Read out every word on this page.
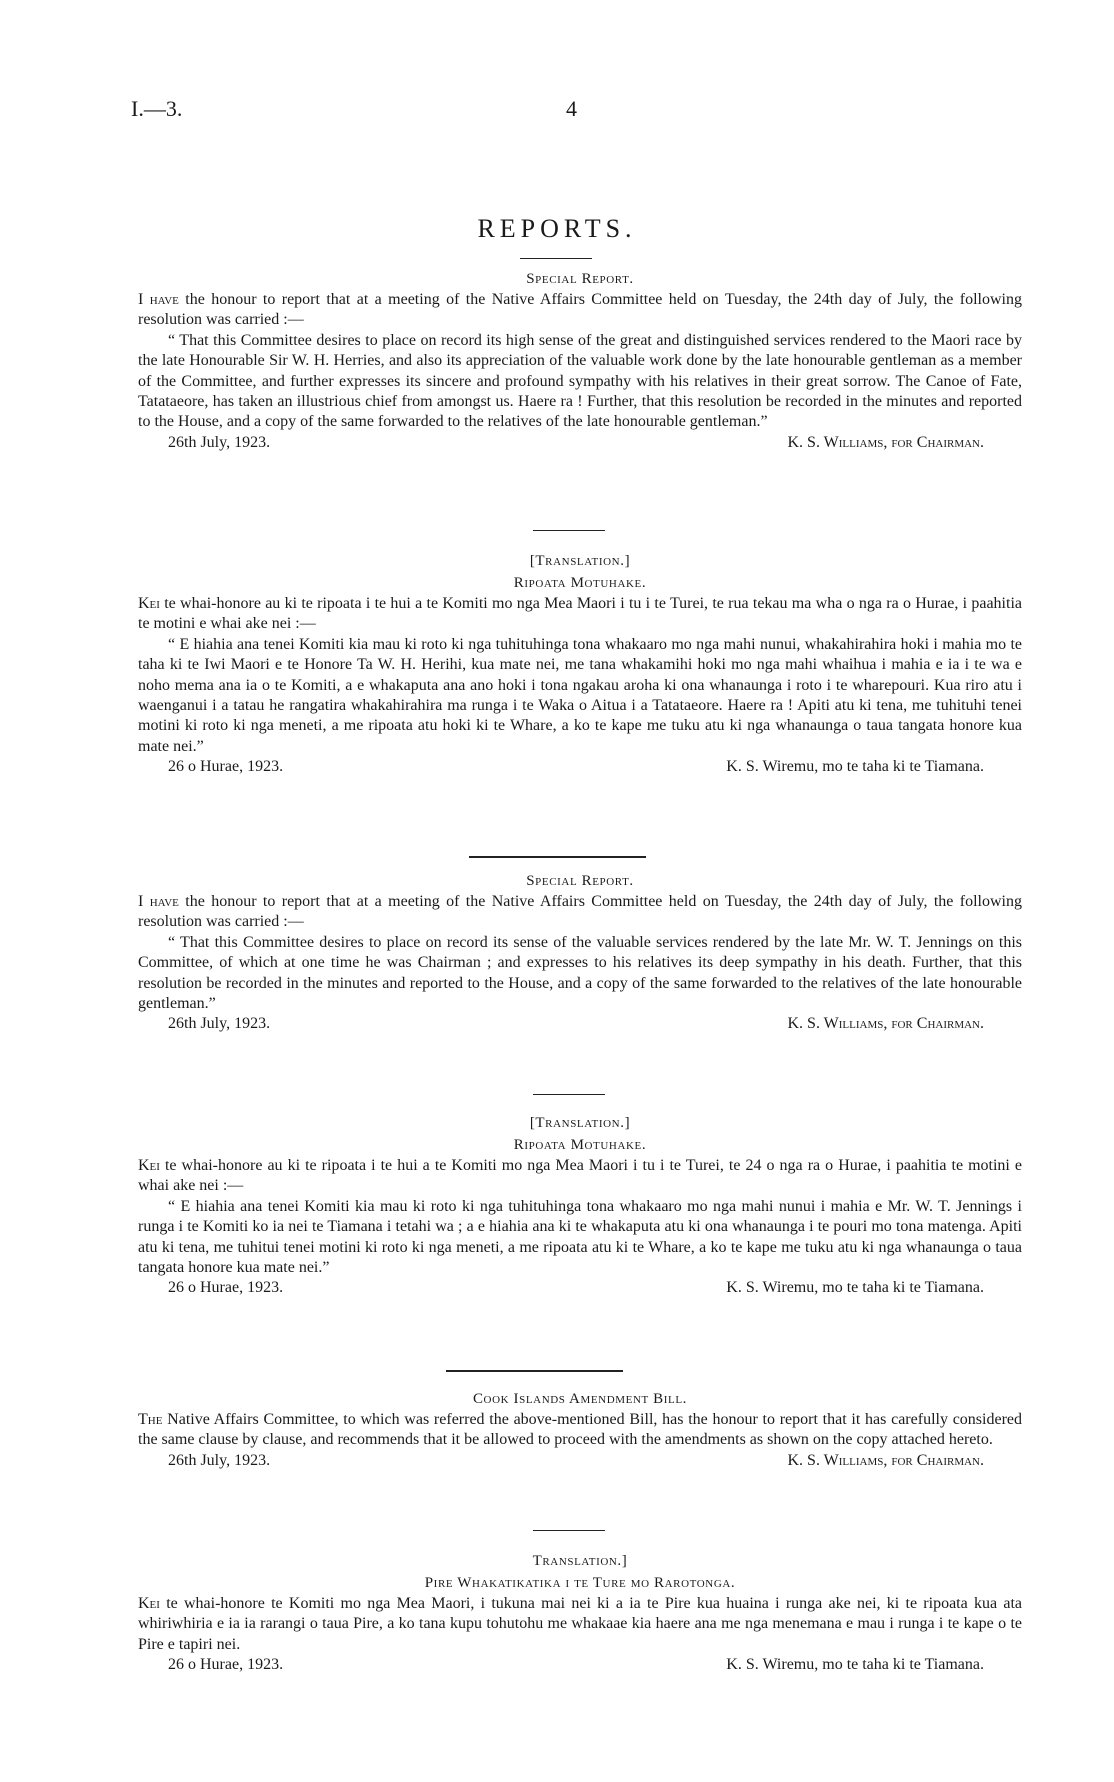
I.—3.	4
REPORTS.

Special Report.

I have the honour to report that at a meeting of the Native Affairs Committee held on Tuesday, the 24th day of July, the following resolution was carried :—

“ That this Committee desires to place on record its high sense of the great and distinguished services rendered to the Maori race by the late Honourable Sir W. H. Herries, and also its appreciation of the valuable work done by the late honourable gentleman as a member of the Committee, and further expresses its sincere and profound sympathy with his relatives in their great sorrow. The Canoe of Fate, Tatataeore, has taken an illustrious chief from amongst us. Haere ra ! Further, that this resolution be recorded in the minutes and reported to the House, and a copy of the same forwarded to the relatives of the late honourable gentleman.”

26th July, 1923.	K. S. Williams, for Chairman.

[Translation.]

Ripoata Motuhake.

Kei te whai-honore au ki te ripoata i te hui a te Komiti mo nga Mea Maori i tu i te Turei, te rua tekau ma wha o nga ra o Hurae, i paahitia te motini e whai ake nei :—

“ E hiahia ana tenei Komiti kia mau ki roto ki nga tuhituhinga tona whakaaro mo nga mahi nunui, whakahirahira hoki i mahia mo te taha ki te Iwi Maori e te Honore Ta W. H. Herihi, kua mate nei, me tana whakamihi hoki mo nga mahi whaihua i mahia e ia i te wa e noho mema ana ia o te Komiti, a e whakaputa ana ano hoki i tona ngakau aroha ki ona whanaunga i roto i te wharepouri. Kua riro atu i waenganui i a tatau he rangatira whakahirahira ma runga i te Waka o Aitua i a Tatataeore. Haere ra ! Apiti atu ki tena, me tuhituhi tenei motini ki roto ki nga meneti, a me ripoata atu hoki ki te Whare, a ko te kape me tuku atu ki nga whanaunga o taua tangata honore kua mate nei.”

26 o Hurae, 1923.	K. S. Wiremu, mo te taha ki te Tiamana.

Special Report.

I have the honour to report that at a meeting of the Native Affairs Committee held on Tuesday, the 24th day of July, the following resolution was carried :—

“ That this Committee desires to place on record its sense of the valuable services rendered by the late Mr. W. T. Jennings on this Committee, of which at one time he was Chairman ; and expresses to his relatives its deep sympathy in his death. Further, that this resolution be recorded in the minutes and reported to the House, and a copy of the same forwarded to the relatives of the late honourable gentleman.”

26th July, 1923.	K. S. Williams, for Chairman.

[Translation.]

Ripoata Motuhake.

Kei te whai-honore au ki te ripoata i te hui a te Komiti mo nga Mea Maori i tu i te Turei, te 24 o nga ra o Hurae, i paahitia te motini e whai ake nei :—

“ E hiahia ana tenei Komiti kia mau ki roto ki nga tuhituhinga tona whakaaro mo nga mahi nunui i mahia e Mr. W. T. Jennings i runga i te Komiti ko ia nei te Tiamana i tetahi wa ; a e hiahia ana ki te whakaputa atu ki ona whanaunga i te pouri mo tona matenga. Apiti atu ki tena, me tuhitui tenei motini ki roto ki nga meneti, a me ripoata atu ki te Whare, a ko te kape me tuku atu ki nga whanaunga o taua tangata honore kua mate nei.”

26 o Hurae, 1923.	K. S. Wiremu, mo te taha ki te Tiamana.

Cook Islands Amendment Bill.

The Native Affairs Committee, to which was referred the above-mentioned Bill, has the honour to report that it has carefully considered the same clause by clause, and recommends that it be allowed to proceed with the amendments as shown on the copy attached hereto.

26th July, 1923.	K. S. Williams, for Chairman.

Translation.]

Pire Whakatikatika i te Ture mo Rarotonga.

Kei te whai-honore te Komiti mo nga Mea Maori, i tukuna mai nei ki a ia te Pire kua huaina i runga ake nei, ki te ripoata kua ata whiriwhiria e ia ia rarangi o taua Pire, a ko tana kupu tohutohu me whakaae kia haere ana me nga menemana e mau i runga i te kape o te Pire e tapiri nei.

26 o Hurae, 1923.	K. S. Wiremu, mo te taha ki te Tiamana.
